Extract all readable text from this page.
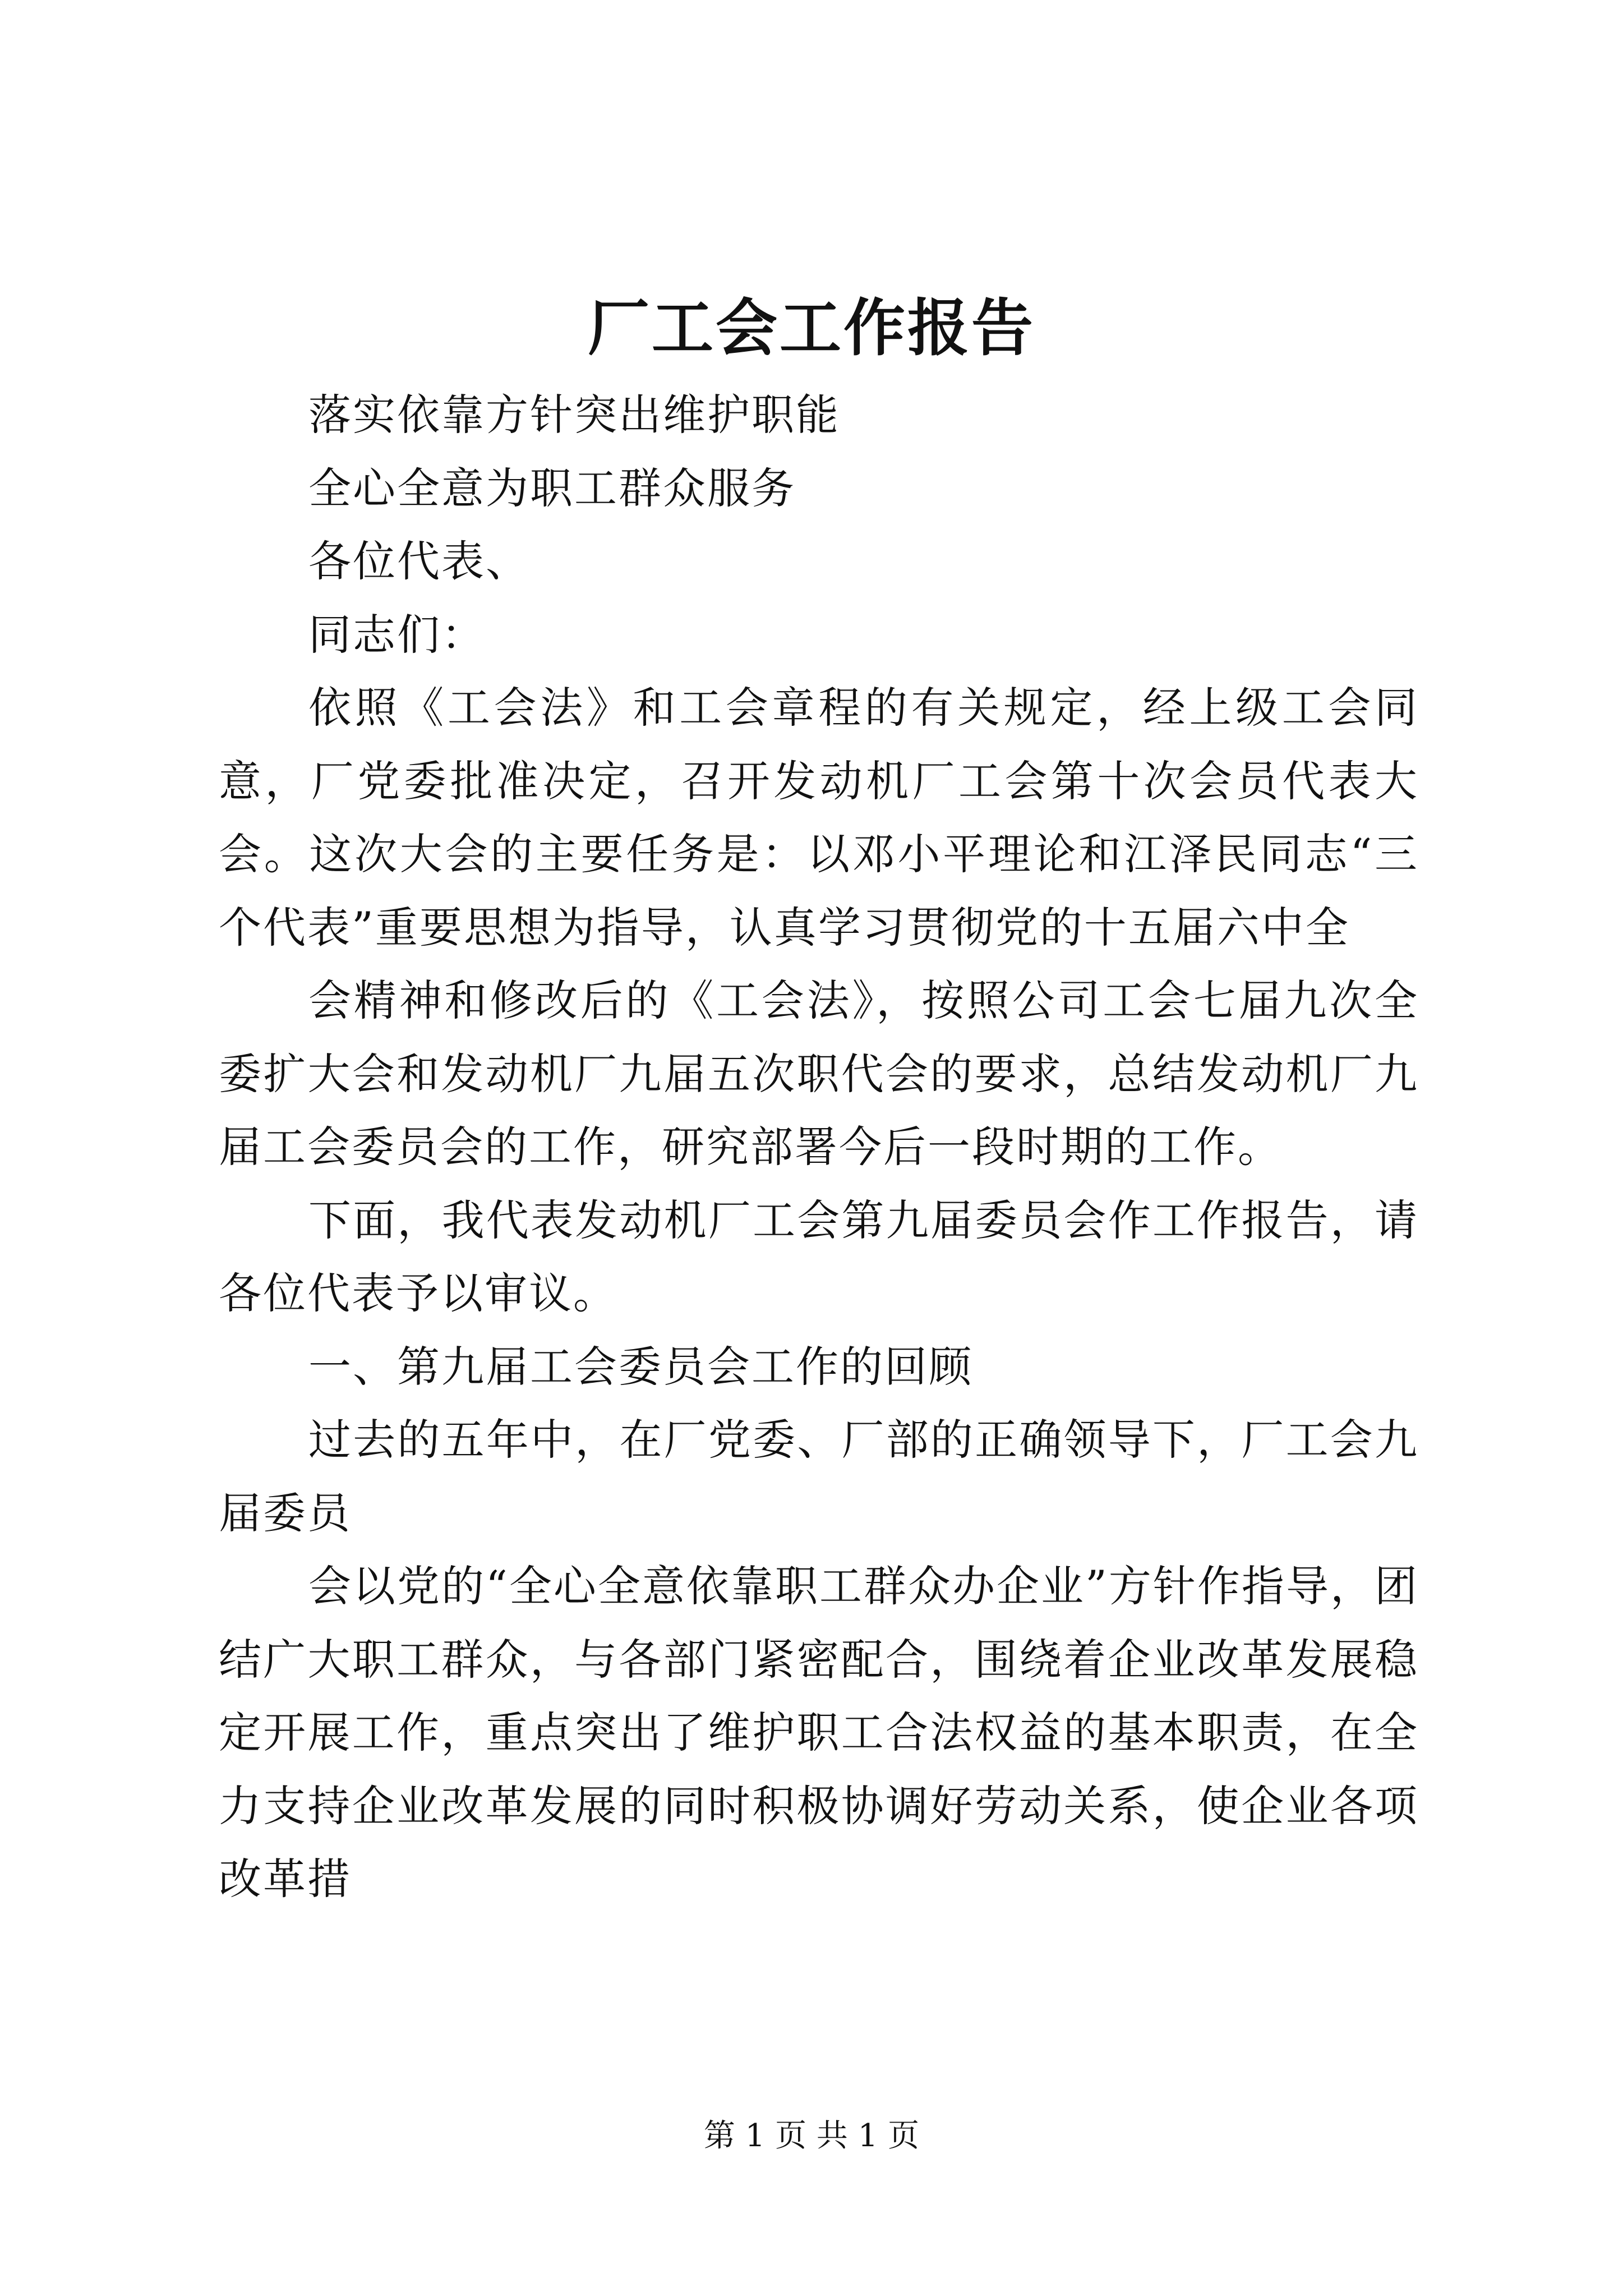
厂工会工作报告

落实依靠方针突出维护职能

全心全意为职工群众服务

各位代表、

同志们：

依照《工会法》和工会章程的有关规定，经上级工会同意，厂党委批准决定，召开发动机厂工会第十次会员代表大会。这次大会的主要任务是：以邓小平理论和江泽民同志“三个代表”重要思想为指导，认真学习贯彻党的十五届六中全

会精神和修改后的《工会法》，按照公司工会七届九次全委扩大会和发动机厂九届五次职代会的要求，总结发动机厂九届工会委员会的工作，研究部署今后一段时期的工作。

下面，我代表发动机厂工会第九届委员会作工作报告，请各位代表予以审议。

一、第九届工会委员会工作的回顾

过去的五年中，在厂党委、厂部的正确领导下，厂工会九届委员

会以党的“全心全意依靠职工群众办企业”方针作指导，团结广大职工群众，与各部门紧密配合，围绕着企业改革发展稳定开展工作，重点突出了维护职工合法权益的基本职责，在全力支持企业改革发展的同时积极协调好劳动关系，使企业各项改革措

第 1 页 共 1 页
